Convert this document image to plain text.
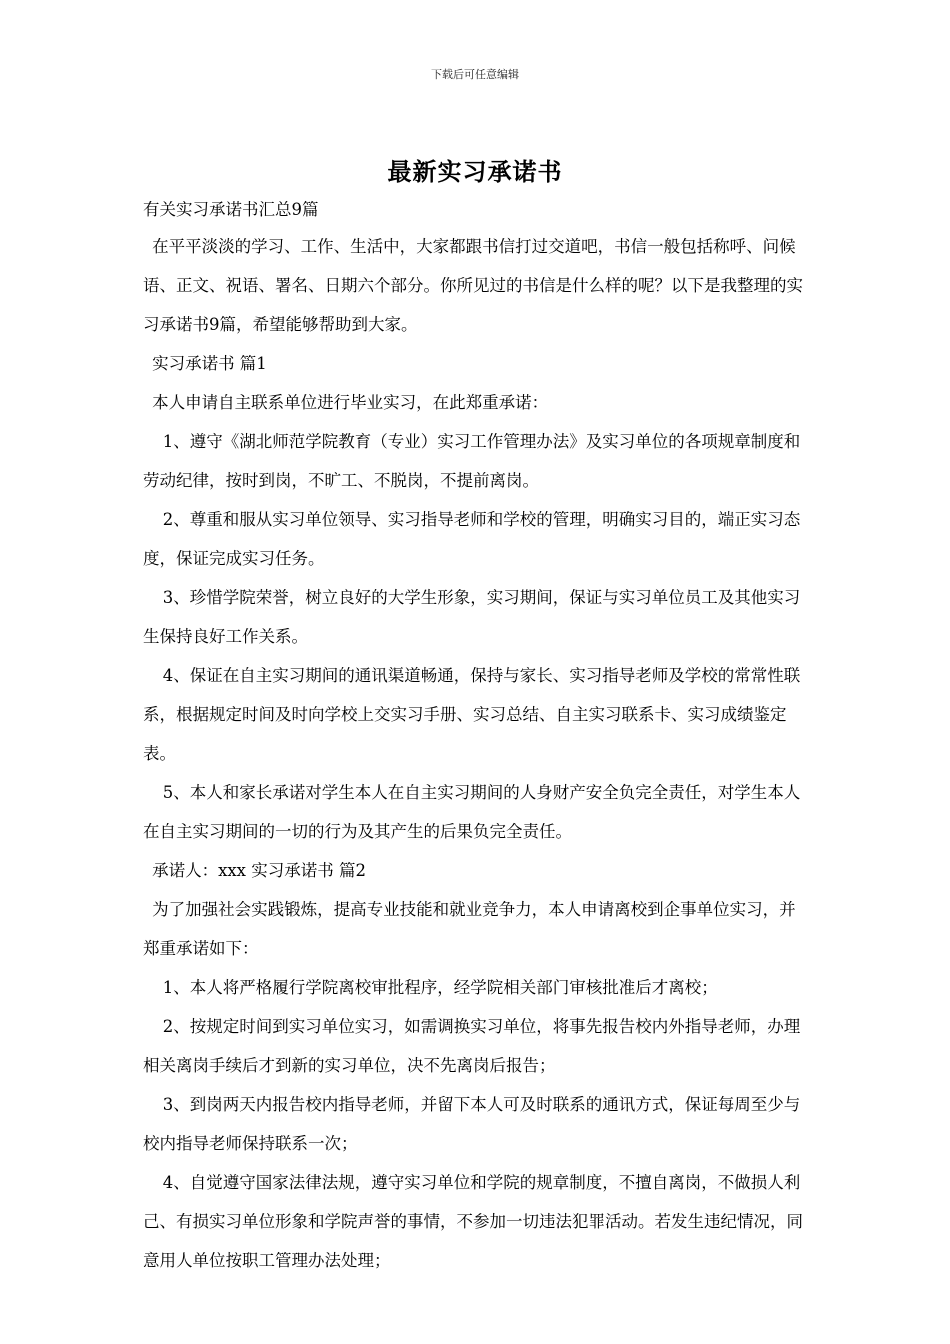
下载后可任意编辑
最新实习承诺书

有关实习承诺书汇总9篇

在平平淡淡的学习、工作、生活中，大家都跟书信打过交道吧，书信一般包括称呼、问候语、正文、祝语、署名、日期六个部分。你所见过的书信是什么样的呢？以下是我整理的实习承诺书9篇，希望能够帮助到大家。

实习承诺书 篇1

本人申请自主联系单位进行毕业实习，在此郑重承诺：

1、遵守《湖北师范学院教育（专业）实习工作管理办法》及实习单位的各项规章制度和劳动纪律，按时到岗，不旷工、不脱岗，不提前离岗。

2、尊重和服从实习单位领导、实习指导老师和学校的管理，明确实习目的，端正实习态度，保证完成实习任务。

3、珍惜学院荣誉，树立良好的大学生形象，实习期间，保证与实习单位员工及其他实习生保持良好工作关系。

4、保证在自主实习期间的通讯渠道畅通，保持与家长、实习指导老师及学校的常常性联系，根据规定时间及时向学校上交实习手册、实习总结、自主实习联系卡、实习成绩鉴定表。

5、本人和家长承诺对学生本人在自主实习期间的人身财产安全负完全责任，对学生本人在自主实习期间的一切的行为及其产生的后果负完全责任。

承诺人：xxx 实习承诺书 篇2

为了加强社会实践锻炼，提高专业技能和就业竞争力，本人申请离校到企事单位实习，并郑重承诺如下：

1、本人将严格履行学院离校审批程序，经学院相关部门审核批准后才离校；

2、按规定时间到实习单位实习，如需调换实习单位，将事先报告校内外指导老师，办理相关离岗手续后才到新的实习单位，决不先离岗后报告；

3、到岗两天内报告校内指导老师，并留下本人可及时联系的通讯方式，保证每周至少与校内指导老师保持联系一次；

4、自觉遵守国家法律法规，遵守实习单位和学院的规章制度，不擅自离岗，不做损人利己、有损实习单位形象和学院声誉的事情，不参加一切违法犯罪活动。若发生违纪情况，同意用人单位按职工管理办法处理；
